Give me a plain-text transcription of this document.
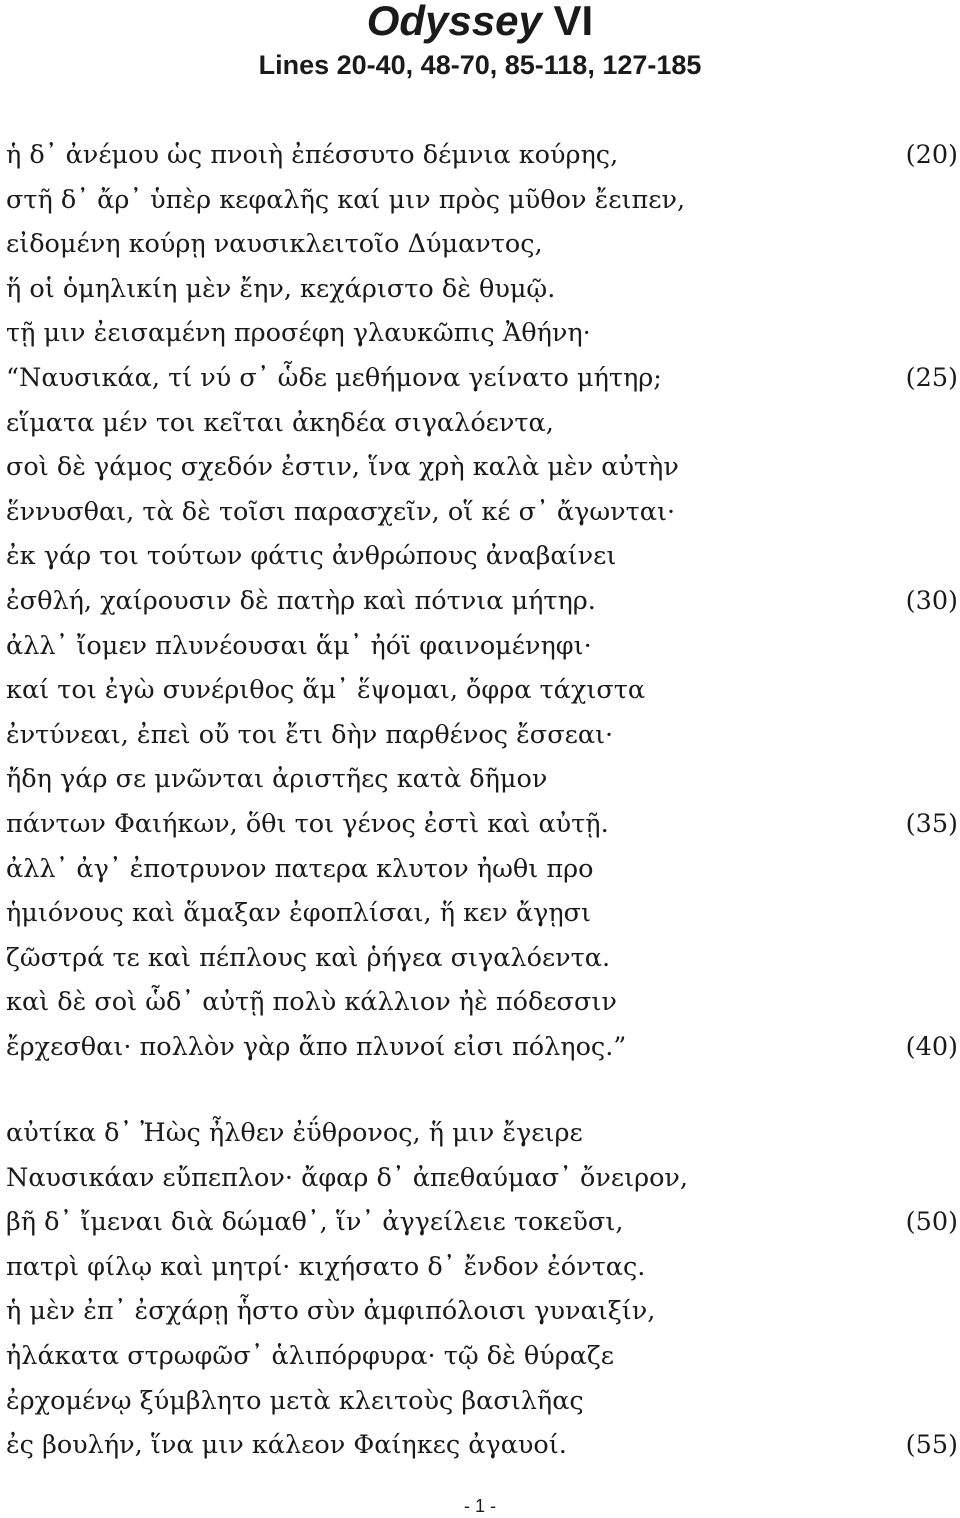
Odyssey VI
Lines 20-40, 48-70, 85-118, 127-185
ἡ δ᾽ ἀνέμου ὡς πνοιὴ ἐπέσσυτο δέμνια κούρης,	(20)
στῆ δ᾽ ἄρ᾽ ὑπὲρ κεφαλῆς καί μιν πρὸς μῦθον ἔειπεν,
εἰδομένη κούρῃ ναυσικλειτοῖο Δύμαντος,
ἥ οἱ ὁμηλικίη μὲν ἔην, κεχάριστο δὲ θυμῷ.
τῇ μιν ἐεισαμένη προσέφη γλαυκῶπις Ἀθήνη·
“Ναυσικάα, τί νύ σ᾽ ὧδε μεθήμονα γείνατο μήτηρ;	(25)
εἵματα μέν τοι κεῖται ἀκηδέα σιγαλόεντα,
σοὶ δὲ γάμος σχεδόν ἐστιν, ἵνα χρὴ καλὰ μὲν αὐτὴν
ἕννυσθαι, τὰ δὲ τοῖσι παρασχεῖν, οἵ κέ σ᾽ ἄγωνται·
ἐκ γάρ τοι τούτων φάτις ἀνθρώπους ἀναβαίνει
ἐσθλή, χαίρουσιν δὲ πατὴρ καὶ πότνια μήτηρ.	(30)
ἀλλ᾽ ἴομεν πλυνέουσαι ἅμ᾽ ἠόϊ φαινομένηφι·
καί τοι ἐγὼ συνέριθος ἅμ᾽ ἕψομαι, ὄφρα τάχιστα
ἐντύνεαι, ἐπεὶ οὔ τοι ἔτι δὴν παρθένος ἔσσεαι·
ἤδη γάρ σε μνῶνται ἀριστῆες κατὰ δῆμον
πάντων Φαιήκων, ὅθι τοι γένος ἐστὶ καὶ αὐτῇ.	(35)
ἀλλ᾽ ἀγ᾽ ἐποτρυνον πατερα κλυτον ἠωθι προ
ἡμιόνους καὶ ἅμαξαν ἐφοπλίσαι, ἥ κεν ἄγῃσι
ζῶστρά τε καὶ πέπλους καὶ ῥήγεα σιγαλόεντα.
καὶ δὲ σοὶ ὧδ᾽ αὐτῇ πολὺ κάλλιον ἠὲ πόδεσσιν
ἔρχεσθαι· πολλὸν γὰρ ἄπο πλυνοί εἰσι πόληος.”	(40)
αὐτίκα δ᾽ Ἠὼς ἦλθεν ἐΰθρονος, ἥ μιν ἔγειρε
Ναυσικάαν εὔπεπλον· ἄφαρ δ᾽ ἀπεθαύμασ᾽ ὄνειρον,
βῆ δ᾽ ἴμεναι διὰ δώμαθ᾽, ἵν᾽ ἀγγείλειε τοκεῦσι,	(50)
πατρὶ φίλῳ καὶ μητρί· κιχήσατο δ᾽ ἔνδον ἐόντας.
ἡ μὲν ἐπ᾽ ἐσχάρῃ ἧστο σὺν ἀμφιπόλοισι γυναιξίν,
ἠλάκατα στρωφῶσ᾽ ἁλιπόρφυρα· τῷ δὲ θύραζε
ἐρχομένῳ ξύμβλητο μετὰ κλειτοὺς βασιλῆας
ἐς βουλήν, ἵνα μιν κάλεον Φαίηκες ἀγαυοί.	(55)
- 1 -
